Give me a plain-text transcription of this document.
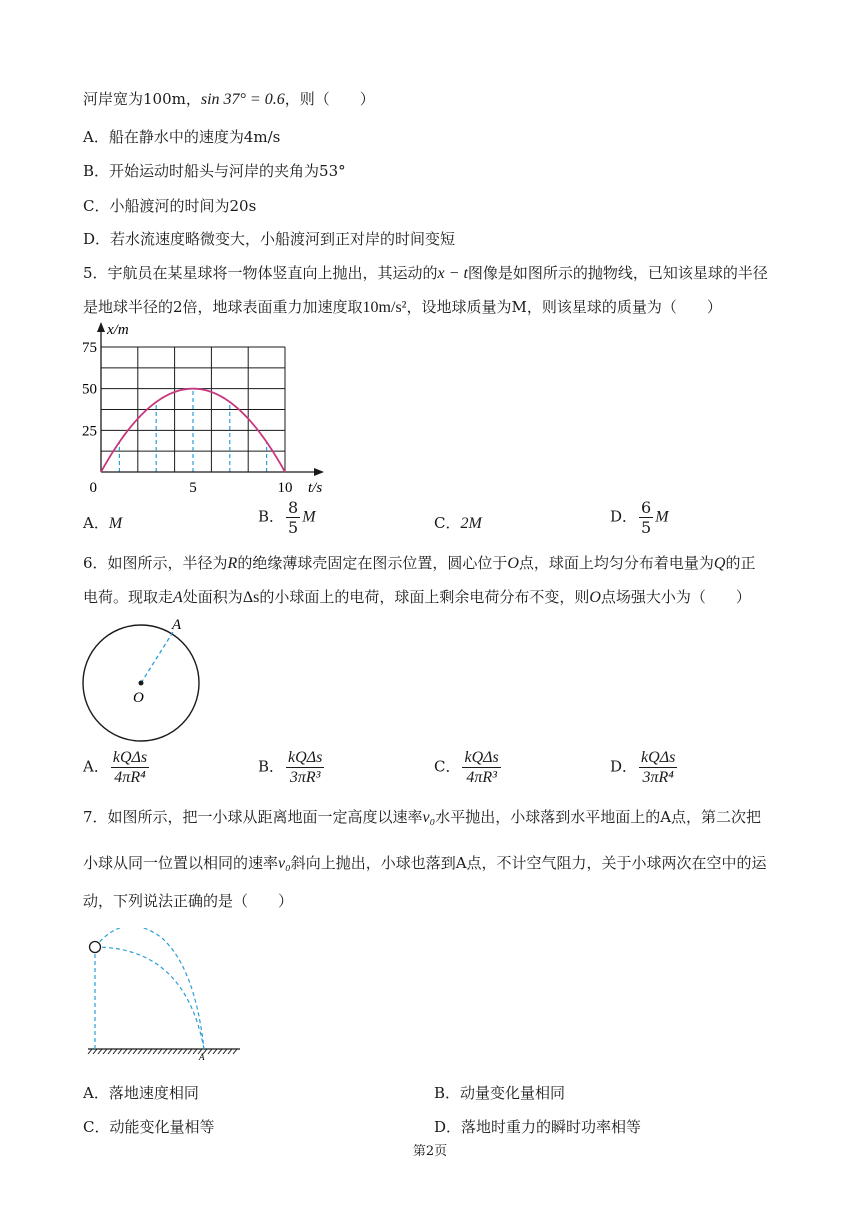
河岸宽为100m，sin 37° = 0.6，则（　　）
A．船在静水中的速度为4m/s
B．开始运动时船头与河岸的夹角为53°
C．小船渡河的时间为20s
D．若水流速度略微变大，小船渡河到正对岸的时间变短
5．宇航员在某星球将一物体竖直向上抛出，其运动的x − t图像是如图所示的抛物线，已知该星球的半径
是地球半径的2倍，地球表面重力加速度取10m/s²，设地球质量为M，则该星球的质量为（　　）
x/m
t/s
25
50
75
0	5	10
A．M	B． $\frac{8}{5}$ M	C．2M	D． $\frac{6}{5}$ M
6．如图所示，半径为R的绝缘薄球壳固定在图示位置，圆心位于O点，球面上均匀分布着电量为Q的正
电荷。现取走A处面积为Δs的小球面上的电荷，球面上剩余电荷分布不变，则O点场强大小为（　　）
A
O
A． $\frac{\text{kQΔs}}{\text{4πR⁴}}$	B． $\frac{\text{kQΔs}}{\text{3πR³}}$	C． $\frac{\text{kQΔs}}{\text{4πR³}}$	D． $\frac{\text{kQΔs}}{\text{3πR⁴}}$
7．如图所示，把一小球从距离地面一定高度以速率v₀水平抛出，小球落到水平地面上的A点，第二次把
小球从同一位置以相同的速率v₀斜向上抛出，小球也落到A点，不计空气阻力，关于小球两次在空中的运
动，下列说法正确的是（　　）
A
A．落地速度相同	B．动量变化量相同
C．动能变化量相等	D．落地时重力的瞬时功率相等
第2页
